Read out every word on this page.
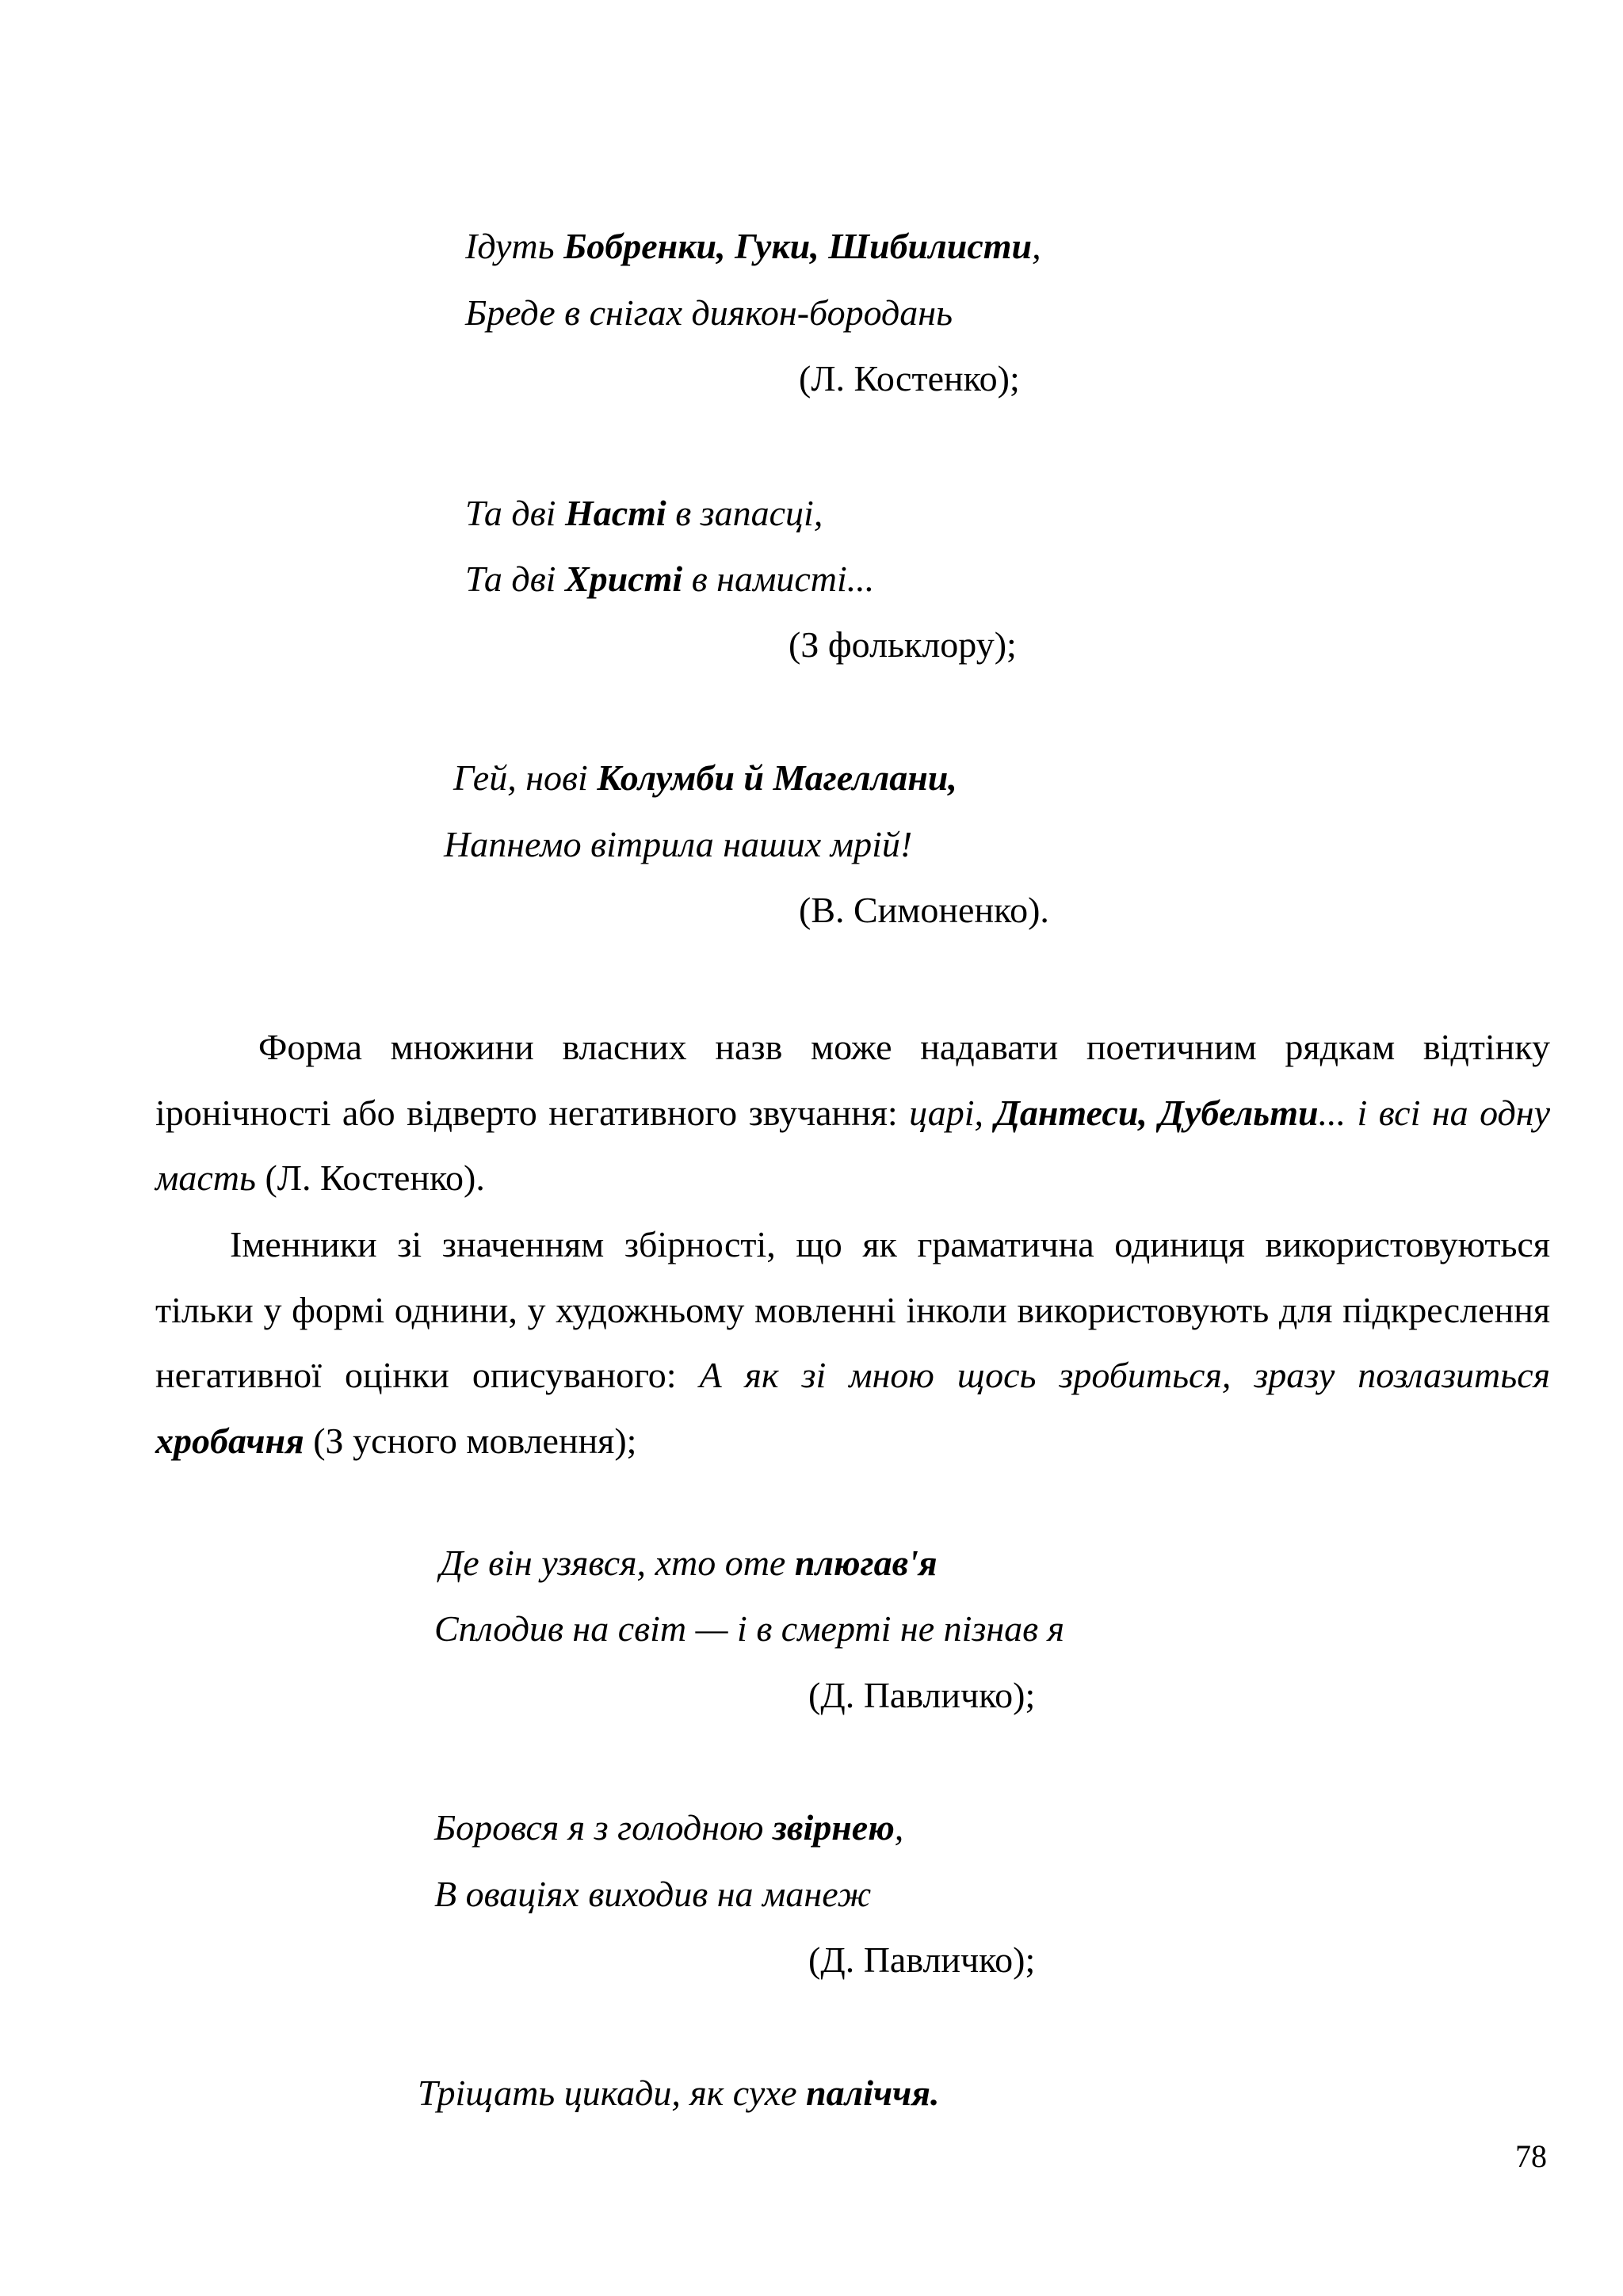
Ідуть Бобренки, Гуки, Шибилисти,
Бреде в снігах диякон-бородань
(Л. Костенко);
Та дві Насті в запасці,
Та дві Христі в намисті...
(З фольклору);
Гей, нові Колумби й Магеллани,
Напнемо вітрила наших мрій!
(В. Симоненко).
Форма множини власних назв може надавати поетичним рядкам відтінку іронічності або відверто негативного звучання: царі, Дантеси, Дубельти... і всі на одну масть (Л. Костенко).
Іменники зі значенням збірності, що як граматична одиниця використовуються тільки у формі однини, у художньому мовленні інколи використовують для підкреслення негативної оцінки описуваного: А як зі мною щось зробиться, зразу позлазиться хробачня (З усного мовлення);
Де він узявся, хто оте плюгав'я
Сплодив на світ — і в смерті не пізнав я
(Д. Павличко);
Боровся я з голодною звірнею,
В оваціях виходив на манеж
(Д. Павличко);
Тріщать цикади, як сухе паліччя.
78
